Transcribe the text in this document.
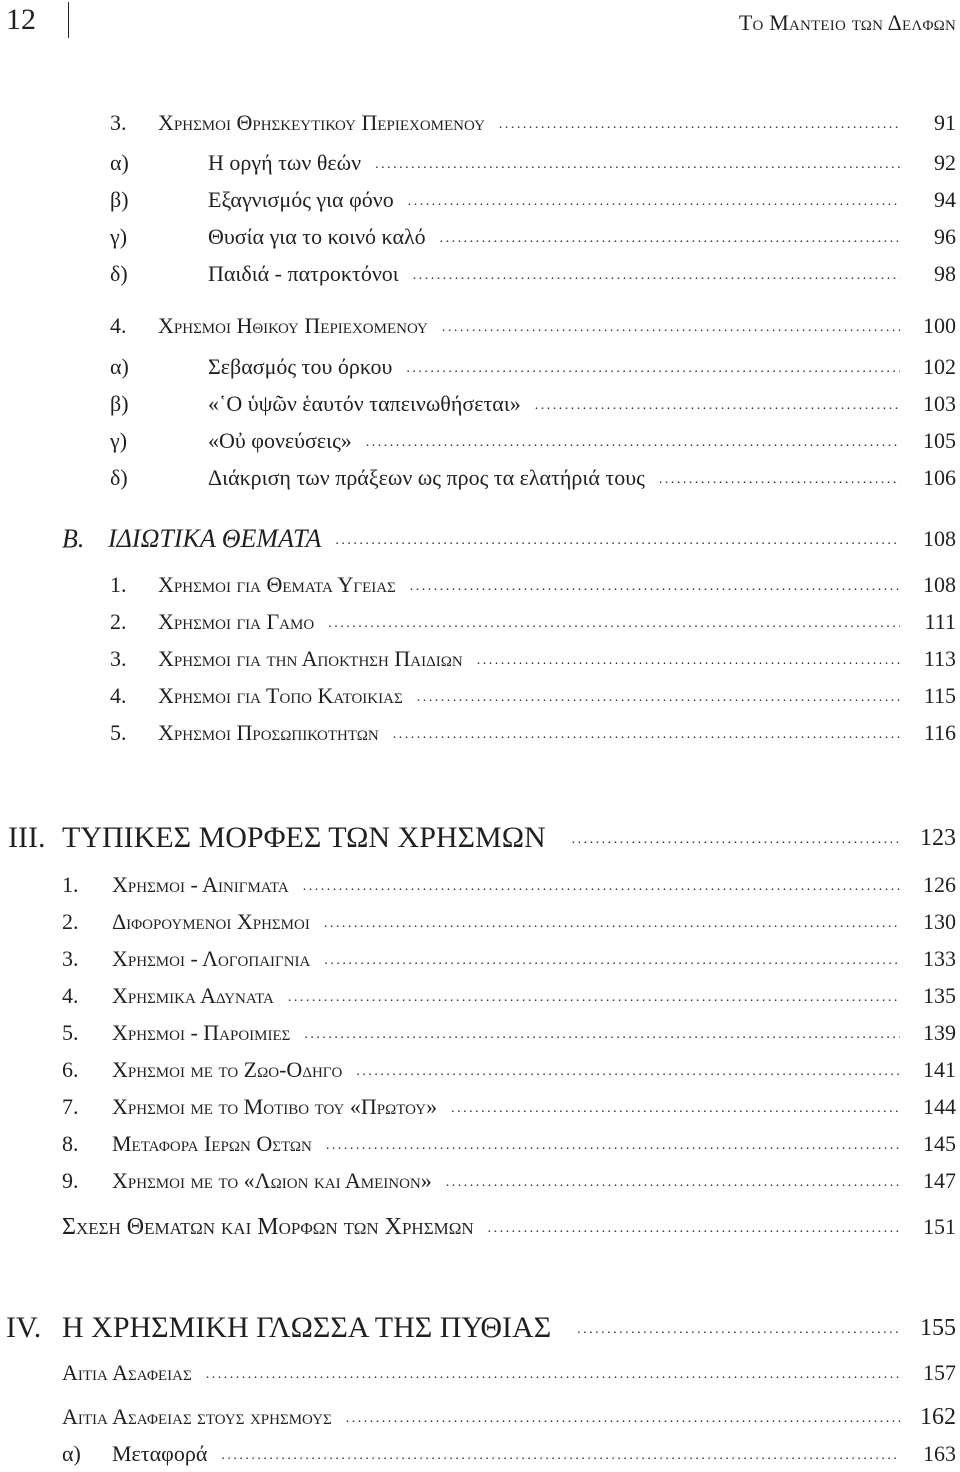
12	Το Μαντειο των Δελφων
3.	Χρησμοι Θρησκευτικου Περιεχομενου .....	91
α)	Η οργή των θεών .....	92
β)	Εξαγνισμός για φόνο .....	94
γ)	Θυσία για το κοινό καλό .....	96
δ)	Παιδιά - πατροκτόνοι .....	98
4.	Χρησμοι Ηθικου Περιεχομενου .....	100
α)	Σεβασμός του όρκου .....	102
β)	«῾Ο ὑψῶν ἑαυτόν ταπεινωθήσεται» .....	103
γ)	«Οὐ φονεύσεις» .....	105
δ)	Διάκριση των πράξεων ως προς τα ελατήριά τους .....	106
Β. ΙΔΙΩΤΙΚΑ ΘΕΜΑΤΑ .....	108
1.	Χρησμοι για Θεματα Υγειας .....	108
2.	Χρησμοι για Γαμο .....	111
3.	Χρησμοι για την Αποκτηση Παιδιων .....	113
4.	Χρησμοι για Τοπο Κατοικιας .....	115
5.	Χρησμοι Προσωπικοτητων .....	116
III. ΤΥΠΙΚΕΣ ΜΟΡΦΕΣ ΤΩΝ ΧΡΗΣΜΩΝ .....	123
1.	Χρησμοι - Αινιγματα .....	126
2.	Διφορουμενοι Χρησμοι .....	130
3.	Χρησμοι - Λογοπαιγνια .....	133
4.	Χρησμικα Αδυνατα .....	135
5.	Χρησμοι - Παροιμιες .....	139
6.	Χρησμοι με το Ζωο-Οδηγο .....	141
7.	Χρησμοι με το Μοτιβο του «Πρωτου» .....	144
8.	Μεταφορα Ιερων Οστων .....	145
9.	Χρησμοι με το «Λωιον και Αμεινον» .....	147
Σχεση Θεματων και Μορφων των Χρησμων .....	151
IV. Η ΧΡΗΣΜΙΚΗ ΓΛΩΣΣΑ ΤΗΣ ΠΥΘΙΑΣ .....	155
Αιτια Ασαφειας .....	157
Αιτια Ασαφειας στους χρησμους .....	162
α)	Μεταφορά .....	163
